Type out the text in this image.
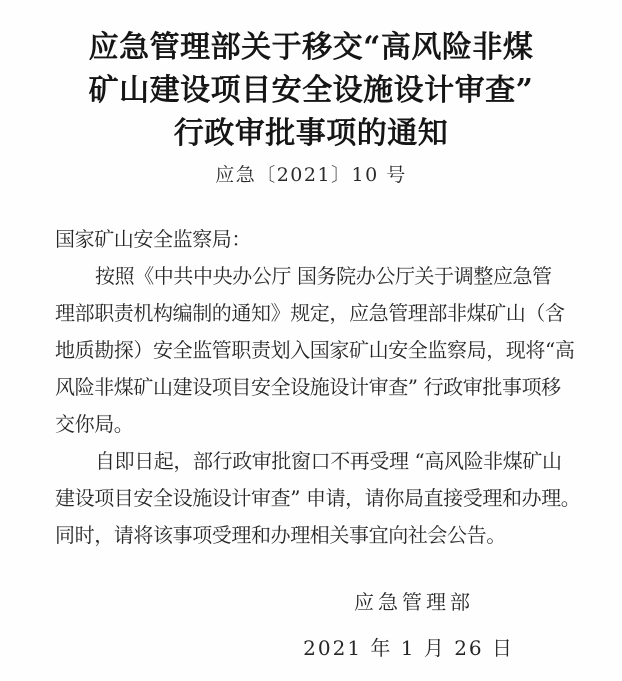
应急管理部关于移交“高风险非煤
矿山建设项目安全设施设计审查”
行政审批事项的通知
应急〔2021〕10 号
国家矿山安全监察局：
按照《中共中央办公厅 国务院办公厅关于调整应急管
理部职责机构编制的通知》规定，应急管理部非煤矿山（含
地质勘探）安全监管职责划入国家矿山安全监察局，现将“高
风险非煤矿山建设项目安全设施设计审查” 行政审批事项移
交你局。
自即日起，部行政审批窗口不再受理 “高风险非煤矿山
建设项目安全设施设计审查” 申请，请你局直接受理和办理。
同时，请将该事项受理和办理相关事宜向社会公告。
应急管理部
2021 年 1 月 26 日
